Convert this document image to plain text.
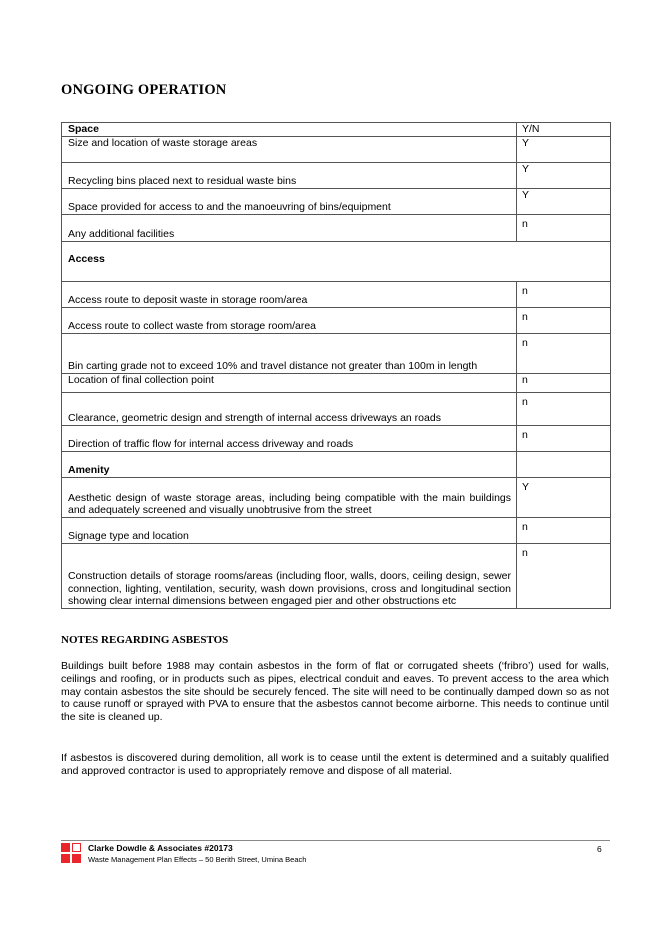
ONGOING OPERATION
Space	Y/N
Size and location of waste storage areas	Y
Recycling bins placed next to residual waste bins	Y
Space provided for access to and the manoeuvring of bins/equipment	Y
Any additional facilities	n
Access	
Access route to deposit waste in storage room/area	n
Access route to collect waste from storage room/area	n
Bin carting grade not to exceed 10% and travel distance not greater than 100m in length	n
Location of final collection point	n
Clearance, geometric design and strength of internal access driveways an roads	n
Direction of traffic flow for internal access driveway and roads	n
Amenity	
Aesthetic design of waste storage areas, including being compatible with the main buildings and adequately screened and visually unobtrusive from the street	Y
Signage type and location	n
Construction details of storage rooms/areas (including floor, walls, doors, ceiling design, sewer connection, lighting, ventilation, security, wash down provisions, cross and longitudinal section showing clear internal dimensions between engaged pier and other obstructions etc	n
NOTES REGARDING ASBESTOS

Buildings built before 1988 may contain asbestos in the form of flat or corrugated sheets (‘fribro’) used for walls, ceilings and roofing, or in products such as pipes, electrical conduit and eaves. To prevent access to the area which may contain asbestos the site should be securely fenced. The site will need to be continually damped down so as not to cause runoff or sprayed with PVA to ensure that the asbestos cannot become airborne. This needs to continue until the site is cleaned up.

If asbestos is discovered during demolition, all work is to cease until the extent is determined and a suitably qualified and approved contractor is used to appropriately remove and dispose of all material.

Clarke Dowdle & Associates #20173
Waste Management Plan Effects – 50 Berith Street, Umina Beach
6
